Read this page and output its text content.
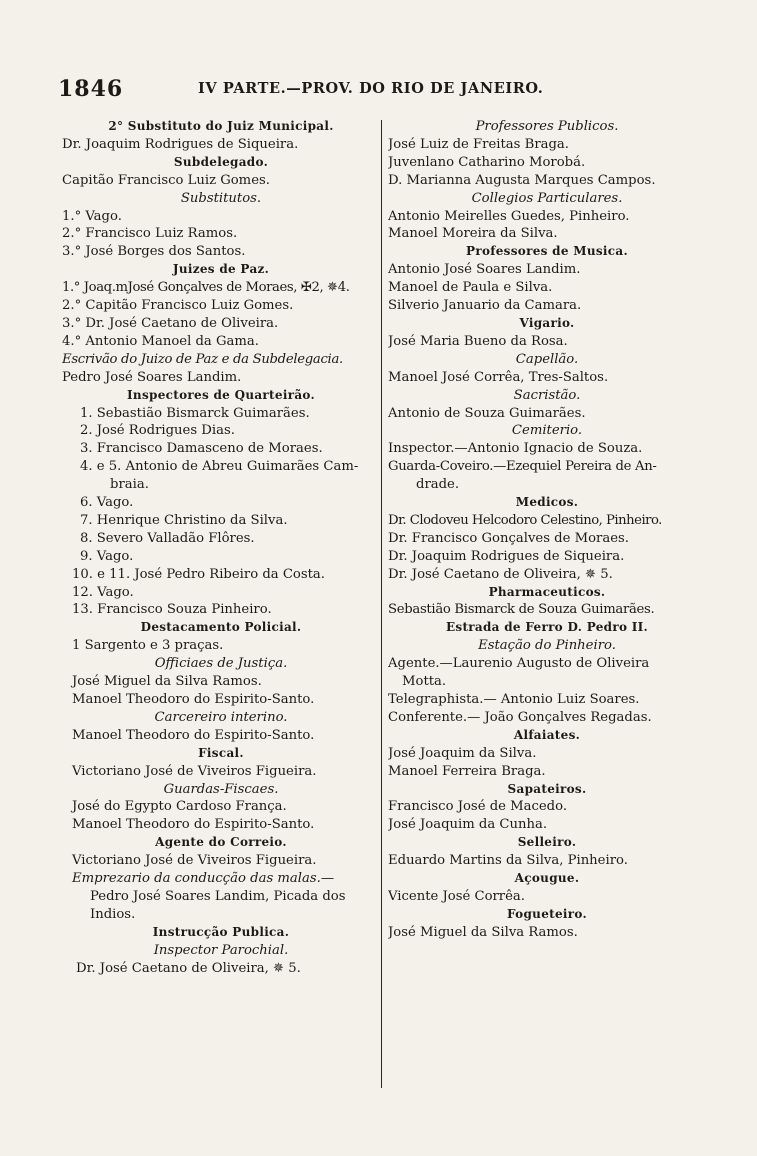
1846	IV PARTE.—PROV. DO RIO DE JANEIRO.
2° Substituto do Juiz Municipal.
Dr. Joaquim Rodrigues de Siqueira.
Subdelegado.
Capitão Francisco Luiz Gomes.
Substitutos.
1.° Vago.
2.° Francisco Luiz Ramos.
3.° José Borges dos Santos.
Juizes de Paz.
1.° Joaq.mJosé Gonçalves de Moraes, ✠2, ✵4.
2.° Capitão Francisco Luiz Gomes.
3.° Dr. José Caetano de Oliveira.
4.° Antonio Manoel da Gama.
Escrivão do Juizo de Paz e da Subdelegacia.
Pedro José Soares Landim.
Inspectores de Quarteirão.
1. Sebastião Bismarck Guimarães.
2. José Rodrigues Dias.
3. Francisco Damasceno de Moraes.
4. e 5. Antonio de Abreu Guimarães Cam-
braia.
6. Vago.
7. Henrique Christino da Silva.
8. Severo Valladão Flôres.
9. Vago.
10. e 11. José Pedro Ribeiro da Costa.
12. Vago.
13. Francisco Souza Pinheiro.
Destacamento Policial.
1 Sargento e 3 praças.
Officiaes de Justiça.
José Miguel da Silva Ramos.
Manoel Theodoro do Espirito-Santo.
Carcereiro interino.
Manoel Theodoro do Espirito-Santo.
Fiscal.
Victoriano José de Viveiros Figueira.
Guardas-Fiscaes.
José do Egypto Cardoso França.
Manoel Theodoro do Espirito-Santo.
Agente do Correio.
Victoriano José de Viveiros Figueira.
Emprezario da conducção das malas.—
Pedro José Soares Landim, Picada dos
Indios.
Instrucção Publica.
Inspector Parochial.
Dr. José Caetano de Oliveira, ✵ 5.
Professores Publicos.
José Luiz de Freitas Braga.
Juvenlano Catharino Morobá.
D. Marianna Augusta Marques Campos.
Collegios Particulares.
Antonio Meirelles Guedes, Pinheiro.
Manoel Moreira da Silva.
Professores de Musica.
Antonio José Soares Landim.
Manoel de Paula e Silva.
Silverio Januario da Camara.
Vigario.
José Maria Bueno da Rosa.
Capellão.
Manoel José Corrêa, Tres-Saltos.
Sacristão.
Antonio de Souza Guimarães.
Cemiterio.
Inspector.—Antonio Ignacio de Souza.
Guarda-Coveiro.—Ezequiel Pereira de An-
drade.
Medicos.
Dr. Clodoveu Helcodoro Celestino, Pinheiro.
Dr. Francisco Gonçalves de Moraes.
Dr. Joaquim Rodrigues de Siqueira.
Dr. José Caetano de Oliveira, ✵ 5.
Pharmaceuticos.
Sebastião Bismarck de Souza Guimarães.
Estrada de Ferro D. Pedro II.
Estação do Pinheiro.
Agente.—Laurenio Augusto de Oliveira
Motta.
Telegraphista.— Antonio Luiz Soares.
Conferente.— João Gonçalves Regadas.
Alfaiates.
José Joaquim da Silva.
Manoel Ferreira Braga.
Sapateiros.
Francisco José de Macedo.
José Joaquim da Cunha.
Selleiro.
Eduardo Martins da Silva, Pinheiro.
Açougue.
Vicente José Corrêa.
Fogueteiro.
José Miguel da Silva Ramos.
